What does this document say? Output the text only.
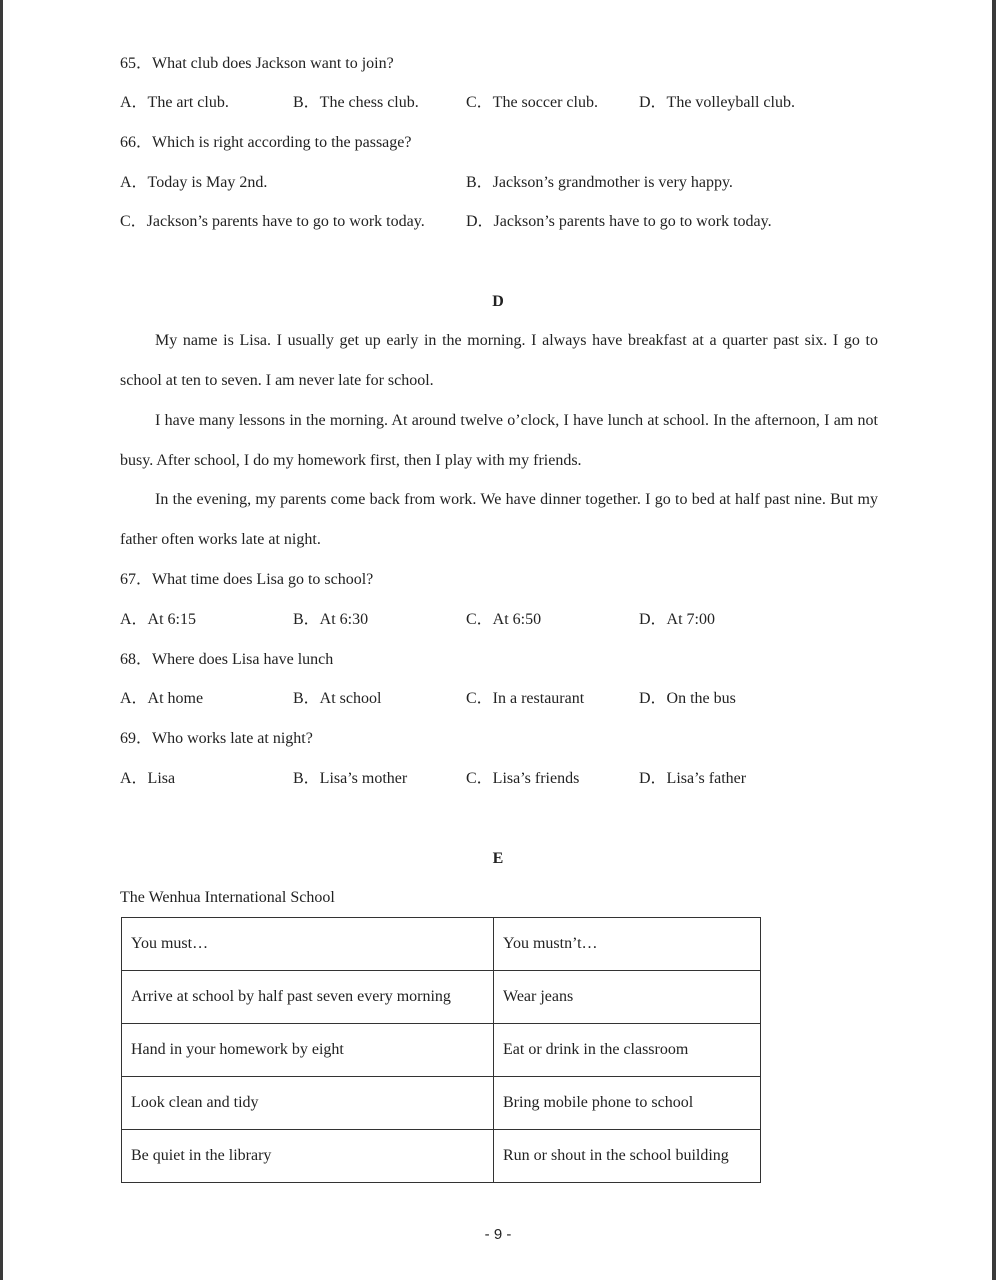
65．What club does Jackson want to join?
A．The art club.	B．The chess club.	C．The soccer club.	D．The volleyball club.
66．Which is right according to the passage?
A．Today is May 2nd.	B．Jackson’s grandmother is very happy.
C．Jackson’s parents have to go to work today.	D．Jackson’s parents have to go to work today.
D
My name is Lisa. I usually get up early in the morning. I always have breakfast at a quarter past six. I go to school at ten to seven. I am never late for school.
I have many lessons in the morning. At around twelve o’clock, I have lunch at school. In the afternoon, I am not busy. After school, I do my homework first, then I play with my friends.
In the evening, my parents come back from work. We have dinner together. I go to bed at half past nine. But my father often works late at night.
67．What time does Lisa go to school?
A．At 6:15	B．At 6:30	C．At 6:50	D．At 7:00
68．Where does Lisa have lunch
A．At home	B．At school	C．In a restaurant	D．On the bus
69．Who works late at night?
A．Lisa	B．Lisa’s mother	C．Lisa’s friends	D．Lisa’s father
E
The Wenhua International School
You must…	You mustn’t…
Arrive at school by half past seven every morning	Wear jeans
Hand in your homework by eight	Eat or drink in the classroom
Look clean and tidy	Bring mobile phone to school
Be quiet in the library	Run or shout in the school building
- 9 -
